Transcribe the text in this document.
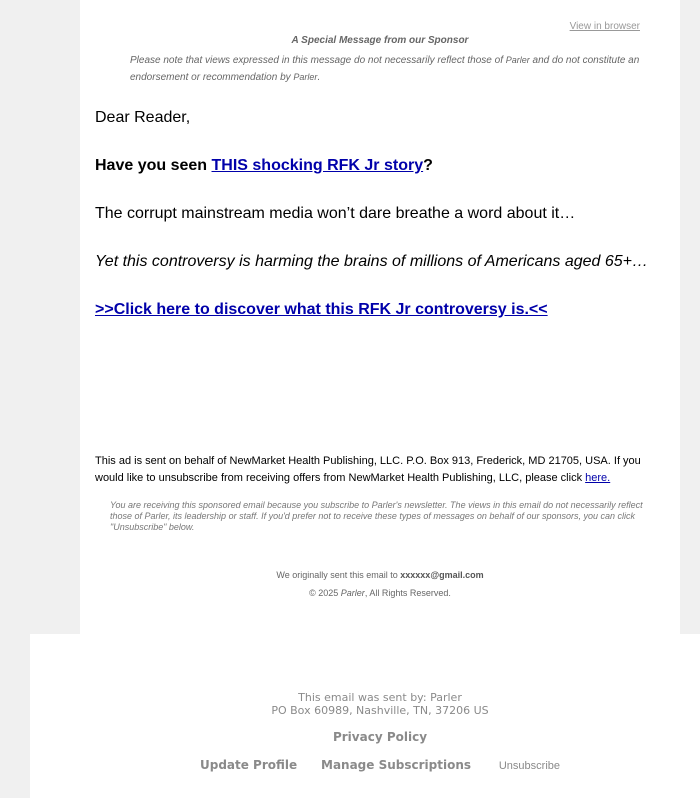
View in browser
A Special Message from our Sponsor
Please note that views expressed in this message do not necessarily reflect those of Parler and do not constitute an endorsement or recommendation by Parler.
Dear Reader,
Have you seen THIS shocking RFK Jr story?
The corrupt mainstream media won’t dare breathe a word about it…
Yet this controversy is harming the brains of millions of Americans aged 65+…
>>Click here to discover what this RFK Jr controversy is.<<
This ad is sent on behalf of NewMarket Health Publishing, LLC. P.O. Box 913, Frederick, MD 21705, USA. If you would like to unsubscribe from receiving offers from NewMarket Health Publishing, LLC, please click here.
You are receiving this sponsored email because you subscribe to Parler's newsletter. The views in this email do not necessarily reflect those of Parler, its leadership or staff. If you'd prefer not to receive these types of messages on behalf of our sponsors, you can click "Unsubscribe" below.
We originally sent this email to xxxxxx@gmail.com
© 2025 Parler, All Rights Reserved.
This email was sent by: Parler
PO Box 60989, Nashville, TN, 37206 US
Privacy Policy
Update Profile Manage Subscriptions	Unsubscribe
